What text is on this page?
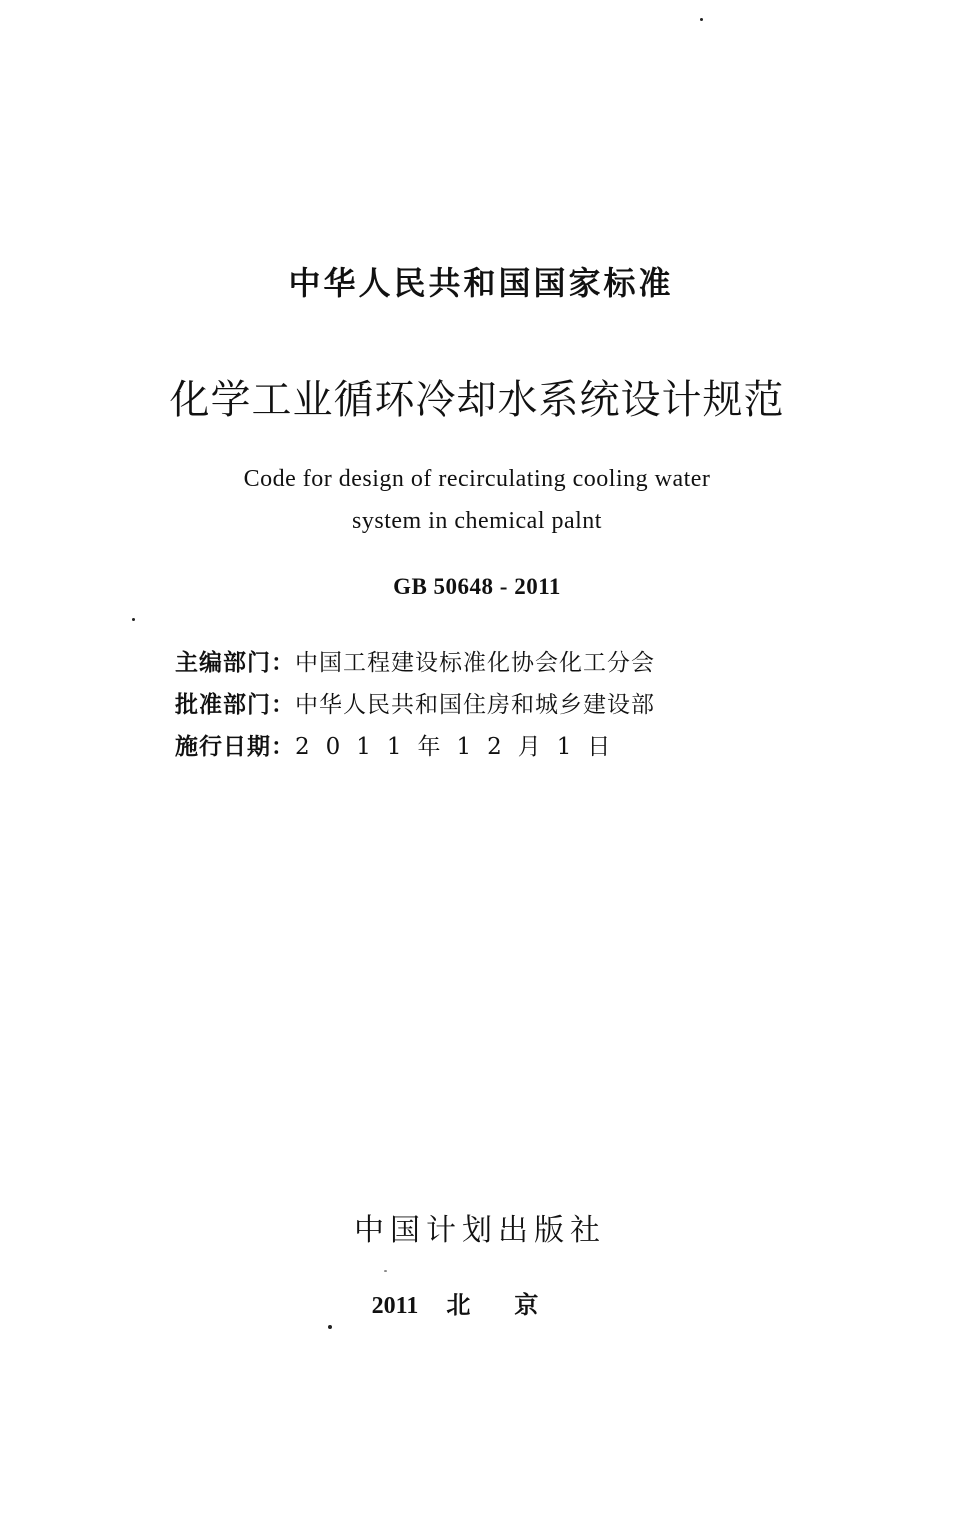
中华人民共和国国家标准
化学工业循环冷却水系统设计规范
Code for design of recirculating cooling water
system in chemical palnt
GB 50648 - 2011
主编部门：中国工程建设标准化协会化工分会
批准部门：中华人民共和国住房和城乡建设部
施行日期：2011年12月1日
中国计划出版社
2011 北京
